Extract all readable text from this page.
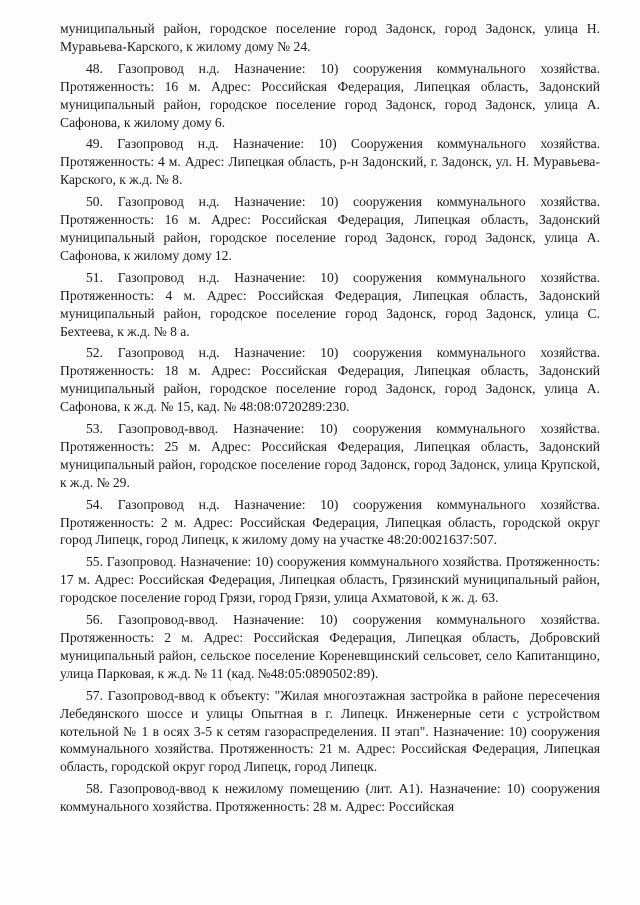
муниципальный район, городское поселение город Задонск, город Задонск, улица Н. Муравьева-Карского, к жилому дому № 24.

48. Газопровод н.д. Назначение: 10) сооружения коммунального хозяйства. Протяженность: 16 м. Адрес: Российская Федерация, Липецкая область, Задонский муниципальный район, городское поселение город Задонск, город Задонск, улица А. Сафонова, к жилому дому 6.

49. Газопровод н.д. Назначение: 10) Сооружения коммунального хозяйства. Протяженность: 4 м. Адрес: Липецкая область, р-н Задонский, г. Задонск, ул. Н. Муравьева-Карского, к ж.д. № 8.

50. Газопровод н.д. Назначение: 10) сооружения коммунального хозяйства. Протяженность: 16 м. Адрес: Российская Федерация, Липецкая область, Задонский муниципальный район, городское поселение город Задонск, город Задонск, улица А. Сафонова, к жилому дому 12.

51. Газопровод н.д. Назначение: 10) сооружения коммунального хозяйства. Протяженность: 4 м. Адрес: Российская Федерация, Липецкая область, Задонский муниципальный район, городское поселение город Задонск, город Задонск, улица С. Бехтеева, к ж.д. № 8 а.

52. Газопровод н.д. Назначение: 10) сооружения коммунального хозяйства. Протяженность: 18 м. Адрес: Российская Федерация, Липецкая область, Задонский муниципальный район, городское поселение город Задонск, город Задонск, улица А. Сафонова, к ж.д. № 15, кад. № 48:08:0720289:230.

53. Газопровод-ввод. Назначение: 10) сооружения коммунального хозяйства. Протяженность: 25 м. Адрес: Российская Федерация, Липецкая область, Задонский муниципальный район, городское поселение город Задонск, город Задонск, улица Крупской, к ж.д. № 29.

54. Газопровод н.д. Назначение: 10) сооружения коммунального хозяйства. Протяженность: 2 м. Адрес: Российская Федерация, Липецкая область, городской округ город Липецк, город Липецк, к жилому дому на участке 48:20:0021637:507.

55. Газопровод. Назначение: 10) сооружения коммунального хозяйства. Протяженность: 17 м. Адрес: Российская Федерация, Липецкая область, Грязинский муниципальный район, городское поселение город Грязи, город Грязи, улица Ахматовой, к ж. д. 63.

56. Газопровод-ввод. Назначение: 10) сооружения коммунального хозяйства. Протяженность: 2 м. Адрес: Российская Федерация, Липецкая область, Добровский муниципальный район, сельское поселение Кореневщинский сельсовет, село Капитанщино, улица Парковая, к ж.д. № 11 (кад. №48:05:0890502:89).

57. Газопровод-ввод к объекту: "Жилая многоэтажная застройка в районе пересечения Лебедянского шоссе и улицы Опытная в г. Липецк. Инженерные сети с устройством котельной № 1 в осях 3-5 к сетям газораспределения. II этап". Назначение: 10) сооружения коммунального хозяйства. Протяженность: 21 м. Адрес: Российская Федерация, Липецкая область, городской округ город Липецк, город Липецк.

58. Газопровод-ввод к нежилому помещению (лит. А1). Назначение: 10) сооружения коммунального хозяйства. Протяженность: 28 м. Адрес: Российская
